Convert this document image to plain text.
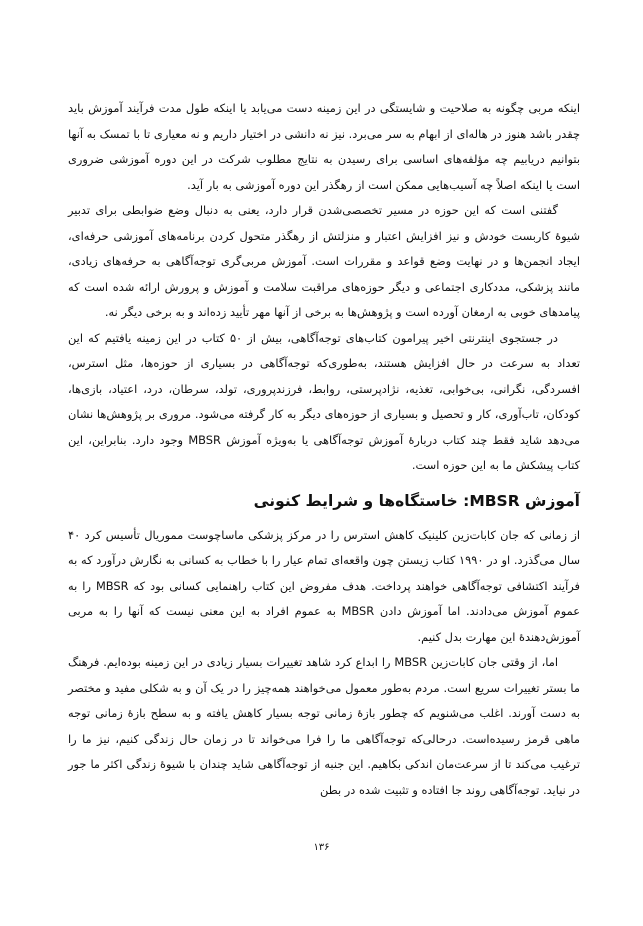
اینکه مربی چگونه به صلاحیت و شایستگی در این زمینه دست می‌یابد یا اینکه طول مدت فرآیند آموزش باید چقدر باشد هنوز در هاله‌ای از ابهام به سر می‌برد. نیز نه دانشی در اختیار داریم و نه معیاری تا با تمسک به آنها بتوانیم دریابیم چه مؤلفه‌های اساسی برای رسیدن به نتایج مطلوب شرکت در این دوره آموزشی ضروری است یا اینکه اصلاً چه آسیب‌هایی ممکن است از رهگذر این دوره آموزشی به بار آید.

گفتنی است که این حوزه در مسیر تخصصی‌شدن قرار دارد، یعنی به دنبال وضع ضوابطی برای تدبیر شیوهٔ کاربست خودش و نیز افزایش اعتبار و منزلتش از رهگذر متحول کردن برنامه‌های آموزشی حرفه‌ای، ایجاد انجمن‌ها و در نهایت وضع قواعد و مقررات است. آموزش مربی‌گری توجه‌آگاهی به حرفه‌های زیادی، مانند پزشکی، مددکاری اجتماعی و دیگر حوزه‌های مراقبت سلامت و آموزش و پرورش ارائه شده است که پیامدهای خوبی به ارمغان آورده است و پژوهش‌ها به برخی از آنها مهر تأیید زده‌اند و به برخی دیگر نه.

در جستجوی اینترنتی اخیر پیرامون کتاب‌های توجه‌آگاهی، بیش از ۵۰ کتاب در این زمینه یافتیم که این تعداد به سرعت در حال افزایش هستند، به‌طوری‌که توجه‌آگاهی در بسیاری از حوزه‌ها، مثل استرس، افسردگی، نگرانی، بی‌خوابی، تغذیه، نژادپرستی، روابط، فرزندپروری، تولد، سرطان، درد، اعتیاد، بازی‌ها، کودکان، تاب‌آوری، کار و تحصیل و بسیاری از حوزه‌های دیگر به کار گرفته می‌شود. مروری بر پژوهش‌ها نشان می‌دهد شاید فقط چند کتاب دربارهٔ آموزش توجه‌آگاهی یا به‌ویژه آموزش MBSR وجود دارد. بنابراین، این کتاب پیشکش ما به این حوزه است.

آموزش MBSR: خاستگاه‌ها و شرایط کنونی

از زمانی که جان کابات‌زین کلینیک کاهش استرس را در مرکز پزشکی ماساچوست مموریال تأسیس کرد ۴۰ سال می‌گذرد. او در ۱۹۹۰ کتاب زیستن چون واقعه‌ای تمام عیار را با خطاب به کسانی به نگارش درآورد که به فرآیند اکتشافی توجه‌آگاهی خواهند پرداخت. هدف مفروض این کتاب راهنمایی کسانی بود که MBSR را به عموم آموزش می‌دادند. اما آموزش دادن MBSR به عموم افراد به این معنی نیست که آنها را به مربی آموزش‌دهندهٔ این مهارت بدل کنیم.

اما، از وقتی جان کابات‌زین MBSR را ابداع کرد شاهد تغییرات بسیار زیادی در این زمینه بوده‌ایم. فرهنگ ما بستر تغییرات سریع است. مردم به‌طور معمول می‌خواهند همه‌چیز را در یک آن و به شکلی مفید و مختصر به دست آورند. اغلب می‌شنویم که چطور بازهٔ زمانی توجه بسیار کاهش یافته و به سطح بازهٔ زمانی توجه ماهی قرمز رسیده‌است. درحالی‌که توجه‌آگاهی ما را فرا می‌خواند تا در زمان حال زندگی کنیم، نیز ما را ترغیب می‌کند تا از سرعت‌مان اندکی بکاهیم. این جنبه از توجه‌آگاهی شاید چندان با شیوهٔ زندگی اکثر ما جور در نیاید. توجه‌آگاهی روند جا افتاده و تثبیت شده در بطن

۱۳۶
